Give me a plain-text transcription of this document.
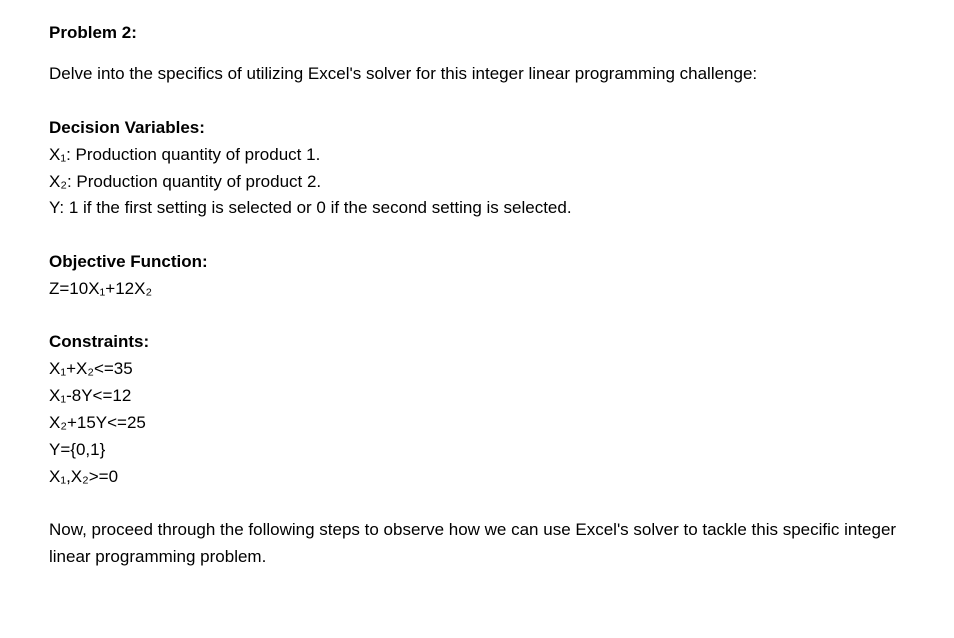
Problem 2:
Delve into the specifics of utilizing Excel's solver for this integer linear programming challenge:
Decision Variables:
X₁: Production quantity of product 1.
X₂: Production quantity of product 2.
Y: 1 if the first setting is selected or 0 if the second setting is selected.
Objective Function:
Z=10X₁+12X₂
Constraints:
X₁+X₂<=35
X₁-8Y<=12
X₂+15Y<=25
Y={0,1}
X₁,X₂>=0
Now, proceed through the following steps to observe how we can use Excel's solver to tackle this specific integer linear programming problem.
